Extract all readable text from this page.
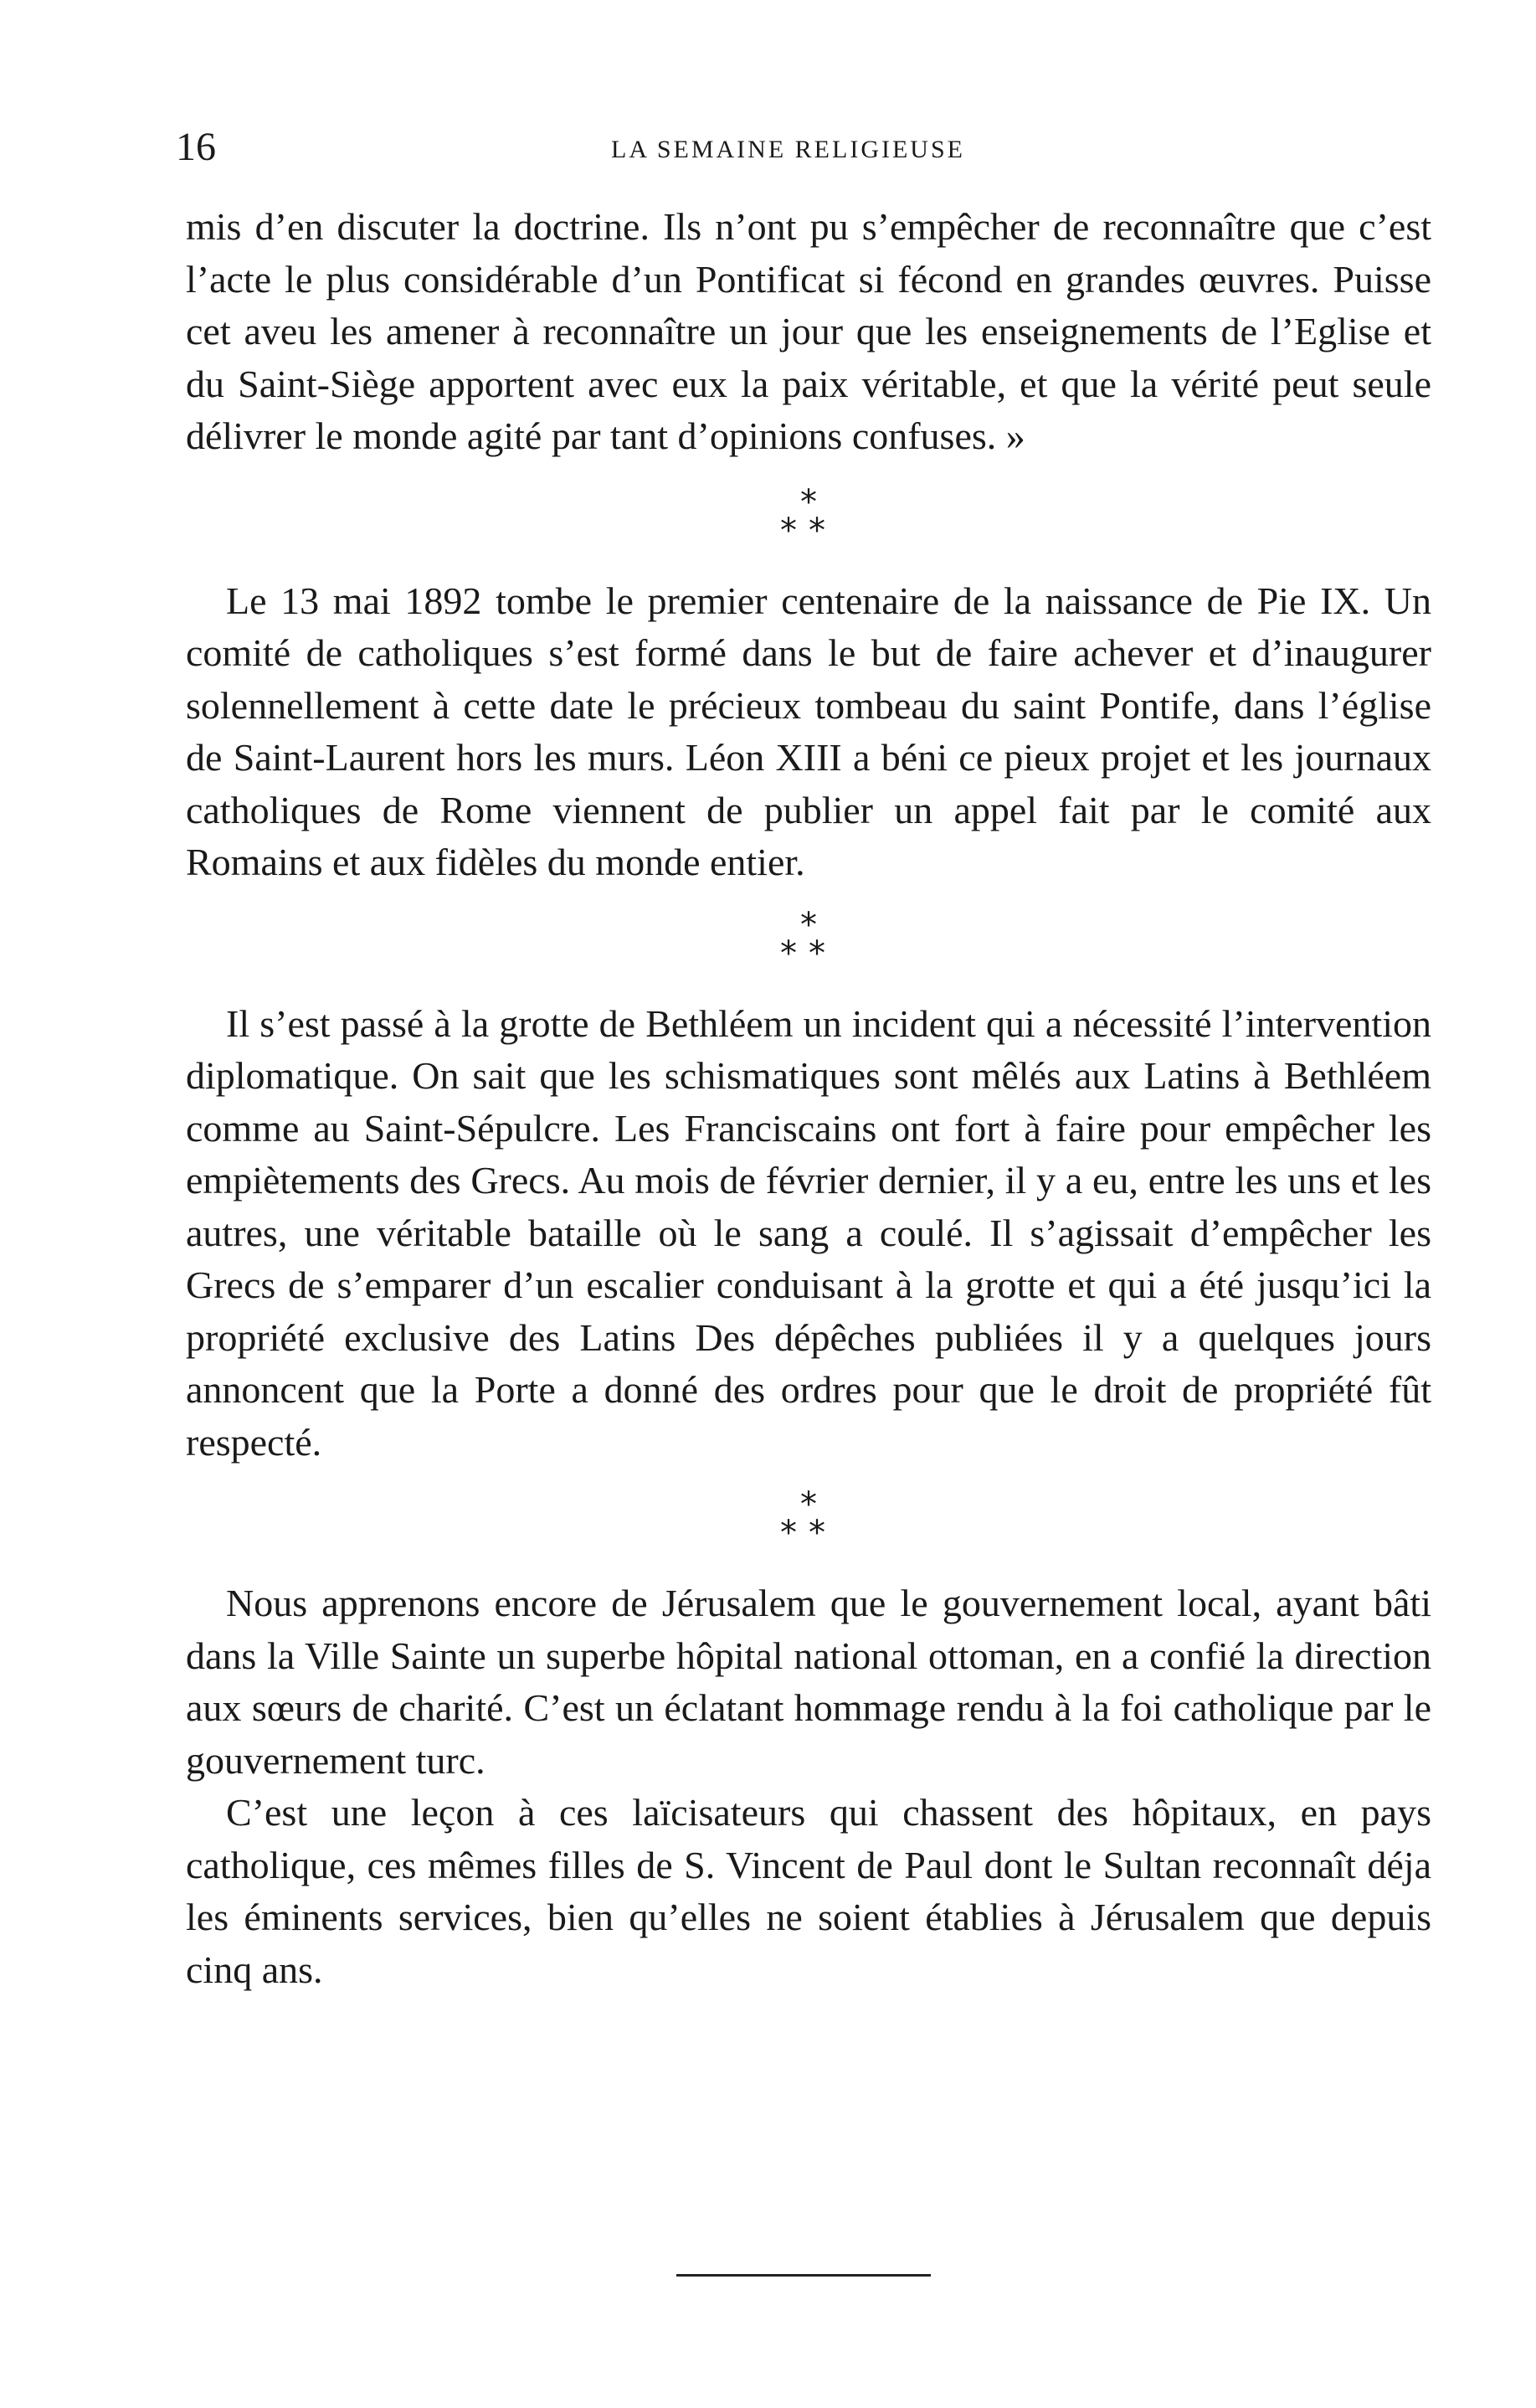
16	LA SEMAINE RELIGIEUSE

mis d’en discuter la doctrine. Ils n’ont pu s’empêcher de reconnaître que c’est l’acte le plus considérable d’un Pontificat si fécond en grandes œuvres. Puisse cet aveu les amener à reconnaître un jour que les enseignements de l’Eglise et du Saint-Siège apportent avec eux la paix véritable, et que la vérité peut seule délivrer le monde agité par tant d’opinions confuses. »

*
**

Le 13 mai 1892 tombe le premier centenaire de la naissance de Pie IX. Un comité de catholiques s’est formé dans le but de faire achever et d’inaugurer solennellement à cette date le précieux tombeau du saint Pontife, dans l’église de Saint-Laurent hors les murs. Léon XIII a béni ce pieux projet et les journaux catholiques de Rome viennent de publier un appel fait par le comité aux Romains et aux fidèles du monde entier.

*
**

Il s’est passé à la grotte de Bethléem un incident qui a nécessité l’intervention diplomatique. On sait que les schismatiques sont mêlés aux Latins à Bethléem comme au Saint-Sépulcre. Les Franciscains ont fort à faire pour empêcher les empiètements des Grecs. Au mois de février dernier, il y a eu, entre les uns et les autres, une véritable bataille où le sang a coulé. Il s’agissait d’empêcher les Grecs de s’emparer d’un escalier conduisant à la grotte et qui a été jusqu’ici la propriété exclusive des Latins Des dépêches publiées il y a quelques jours annoncent que la Porte a donné des ordres pour que le droit de propriété fût respecté.

*
**

Nous apprenons encore de Jérusalem que le gouvernement local, ayant bâti dans la Ville Sainte un superbe hôpital national ottoman, en a confié la direction aux sœurs de charité. C’est un éclatant hommage rendu à la foi catholique par le gouvernement turc.

C’est une leçon à ces laïcisateurs qui chassent des hôpitaux, en pays catholique, ces mêmes filles de S. Vincent de Paul dont le Sultan reconnaît déja les éminents services, bien qu’elles ne soient établies à Jérusalem que depuis cinq ans.
